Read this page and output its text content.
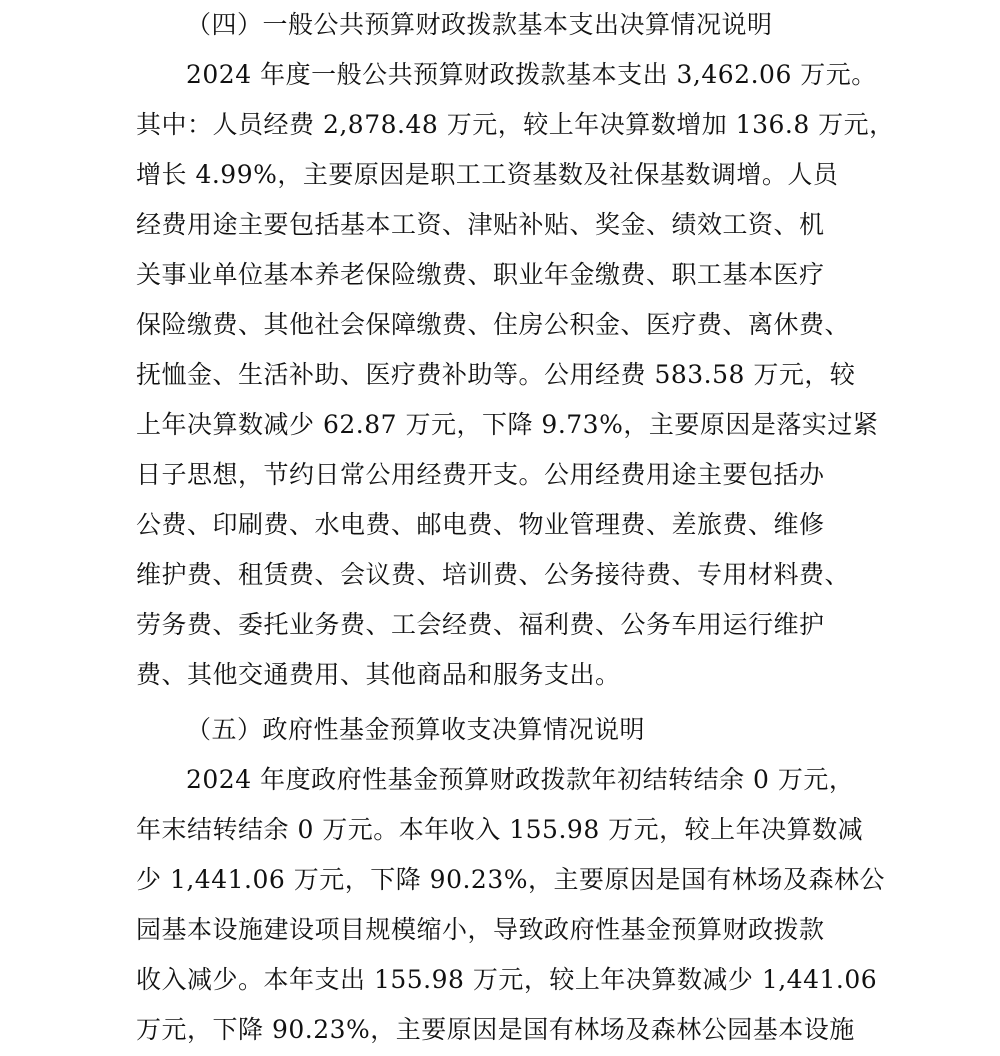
（四）一般公共预算财政拨款基本支出决算情况说明
2024 年度一般公共预算财政拨款基本支出 3,462.06 万元。
其中：人员经费 2,878.48 万元，较上年决算数增加 136.8 万元，
增长 4.99%，主要原因是职工工资基数及社保基数调增。人员
经费用途主要包括基本工资、津贴补贴、奖金、绩效工资、机
关事业单位基本养老保险缴费、职业年金缴费、职工基本医疗
保险缴费、其他社会保障缴费、住房公积金、医疗费、离休费、
抚恤金、生活补助、医疗费补助等。公用经费 583.58 万元，较
上年决算数减少 62.87 万元，下降 9.73%，主要原因是落实过紧
日子思想，节约日常公用经费开支。公用经费用途主要包括办
公费、印刷费、水电费、邮电费、物业管理费、差旅费、维修
维护费、租赁费、会议费、培训费、公务接待费、专用材料费、
劳务费、委托业务费、工会经费、福利费、公务车用运行维护
费、其他交通费用、其他商品和服务支出。
（五）政府性基金预算收支决算情况说明
2024 年度政府性基金预算财政拨款年初结转结余 0 万元，
年末结转结余 0 万元。本年收入 155.98 万元，较上年决算数减
少 1,441.06 万元，下降 90.23%，主要原因是国有林场及森林公
园基本设施建设项目规模缩小，导致政府性基金预算财政拨款
收入减少。本年支出 155.98 万元，较上年决算数减少 1,441.06
万元，下降 90.23%，主要原因是国有林场及森林公园基本设施
